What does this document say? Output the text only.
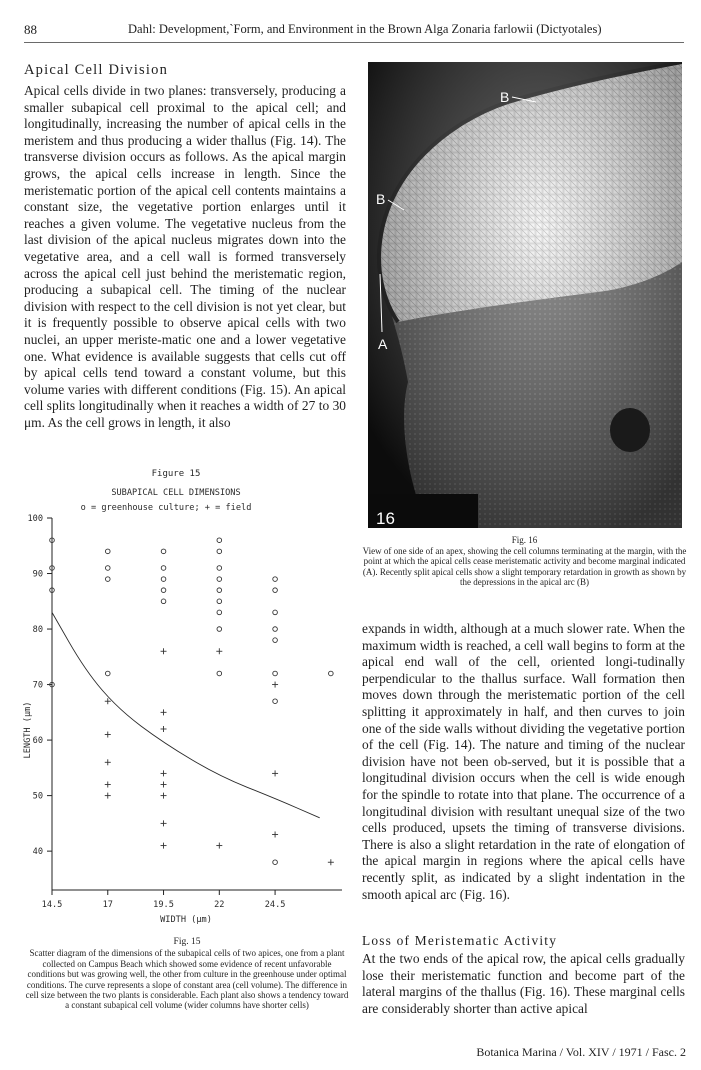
88	Dahl: Development,ˋForm, and Environment in the Brown Alga Zonaria farlowii (Dictyotales)
Apical Cell Division

Apical cells divide in two planes: transversely, producing a smaller subapical cell proximal to the apical cell; and longitudinally, increasing the number of apical cells in the meristem and thus producing a wider thallus (Fig. 14). The transverse division occurs as follows. As the apical margin grows, the apical cells increase in length. Since the meristematic portion of the apical cell contents maintains a constant size, the vegetative portion enlarges until it reaches a given volume. The vegetative nucleus from the last division of the apical nucleus migrates down into the vegetative area, and a cell wall is formed transversely across the apical cell just behind the meristematic region, producing a subapical cell. The timing of the nuclear division with respect to the cell division is not yet clear, but it is frequently possible to observe apical cells with two nuclei, an upper meriste-matic one and a lower vegetative one. What evidence is available suggests that cells cut off by apical cells tend toward a constant volume, but this volume varies with different conditions (Fig. 15). An apical cell splits longitudinally when it reaches a width of 27 to 30 μm. As the cell grows in length, it also

B
B
A
16
Fig. 16
View of one side of an apex, showing the cell columns terminating at the margin, with the point at which the apical cells cease meristematic activity and become marginal indicated (A). Recently split apical cells show a slight temporary retardation in growth as shown by the depressions in the apical arc (B)

expands in width, although at a much slower rate. When the maximum width is reached, a cell wall begins to form at the apical end wall of the cell, oriented longi-tudinally perpendicular to the thallus surface. Wall formation then moves down through the meristematic portion of the cell splitting it approximately in half, and then curves to join one of the side walls without dividing the vegetative portion of the cell (Fig. 14). The nature and timing of the nuclear division have not been ob-served, but it is possible that a longitudinal division occurs when the cell is wide enough for the spindle to rotate into that plane. The occurrence of a longitudinal division with resultant unequal size of the two cells produced, upsets the timing of transverse divisions. There is also a slight retardation in the rate of elongation of the apical margin in regions where the apical cells have recently split, as indicated by a slight indentation in the smooth apical arc (Fig. 16).

Loss of Meristematic Activity

At the two ends of the apical row, the apical cells gradually lose their meristematic function and become part of the lateral margins of the thallus (Fig. 16). These marginal cells are considerably shorter than active apical

Figure 15
SUBAPICAL CELL DIMENSIONS
o = greenhouse culture; + = field
WIDTH (μm)
LENGTH (μm)
40
50
60
70
80
90
100
14.5	17	19.5	22	24.5
Fig. 15
Scatter diagram of the dimensions of the subapical cells of two apices, one from a plant collected on Campus Beach which showed some evidence of recent unfavorable conditions but was growing well, the other from culture in the greenhouse under optimal conditions. The curve represents a slope of constant area (cell volume). The difference in cell size between the two plants is considerable. Each plant also shows a tendency toward a constant subapical cell volume (wider columns have shorter cells)
Botanica Marina / Vol. XIV / 1971 / Fasc. 2
